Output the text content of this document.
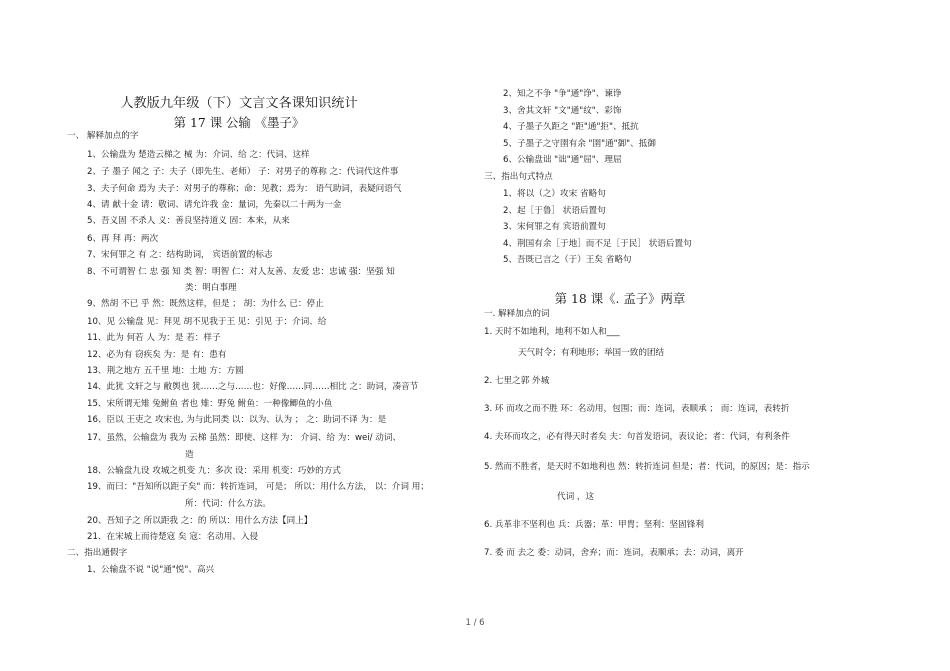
人教版九年级（下）文言文各课知识统计
第 17 课 公输 《墨子》
一、 解释加点的字
1、公输盘为 楚造云梯之 械 为：介词、给 之：代词、这样
2、子 墨子 闻之 子：夫子（即先生、老师） 子：对男子的尊称 之：代词代这件事
3、夫子何命 焉为 夫子：对男子的尊称；命：见教；焉为： 语气助词，表疑问语气
4、请 献十金 请：敬词、请允许我 金：量词，先秦以二十两为一金
5、吾义固 不杀人 义：善良坚持道义 固：本来，从来
6、再 拜 再：两次
7、宋何罪之 有 之：结构助词， 宾语前置的标志
8、不可谓智 仁 忠 强 知 类 智：明智 仁：对人友善、友爱 忠：忠诚 强：坚强 知
类：明白事理
9、然胡 不已 乎 然：既然这样，但是 ； 胡：为什么 已：停止
10、见 公输盘 见：拜见 胡不见我于王 见：引见 于：介词、给
11、此为 何若 人 为：是 若：样子
12、必为有 窃疾矣 为：是 有：患有
13、荆之地方 五千里 地：土地 方：方圆
14、此犹 文轩之与 敝舆也 犹……之与……也：好像……同……相比 之：助词，凑音节
15、宋所谓无雉 兔鲋鱼 者也 雉：野兔 鲋鱼：一种像鲫鱼的小鱼
16、臣以 王吏之 攻宋也, 为与此同类 以：以为、认为 ； 之：助词不译 为：是
17、虽然，公输盘为 我为 云梯 虽然：即使、这样 为： 介词、给 为：wei/ 动词、
造
18、公输盘九设 攻城之机变 九：多次 设：采用 机变：巧妙的方式
19、而曰："吾知所以距子矣" 而：转折连词， 可是； 所以：用什么方法， 以：介词 用；
所：代词：什么方法。
20、吾知子之 所以距我 之：的 所以：用什么方法【同上】
21、在宋城上而待楚寇 矣 寇：名动用、入侵
二、指出通假字
1、公输盘不说 "说"通"悦"、高兴
2、知之不争 "争"通"诤"、谏诤
3、舍其文轩 "文"通"纹"、彩饰
4、子墨子久距之 "距"通"拒"、抵抗
5、子墨子之守圉有余 "圉"通"御"、抵御
6、公输盘诎 "诎"通"屈"、理屈
三、指出句式特点
1、将以（之）攻宋 省略句
2、起［于鲁］ 状语后置句
3、宋何罪之有 宾语前置句
4、荆国有余［于地］而不足［于民］ 状语后置句
5、吾既已言之（于）王矣 省略句
第 18 课《. 孟子》两章
一. 解释加点的词
1. 天时不如地利，地利不如人和___
天气时令；有利地形；举国一致的团结
2. 七里之郭 外城
3. 环 而攻之而不胜 环：名动用，包围；而：连词，表顺承 ； 而：连词，表转折
4. 夫环而攻之，必有得天时者矣 夫：句首发语词，表议论；者：代词，有利条件
5. 然而不胜者，是天时不如地利也 然：转折连词 但是；者：代词，的原因；是：指示
代词 ，这
6. 兵革非不坚利也 兵：兵器；革：甲胄；坚利：坚固锋利
7. 委 而 去之 委：动词，舍弃；而：连词，表顺承；去：动词，离开
1 / 6
